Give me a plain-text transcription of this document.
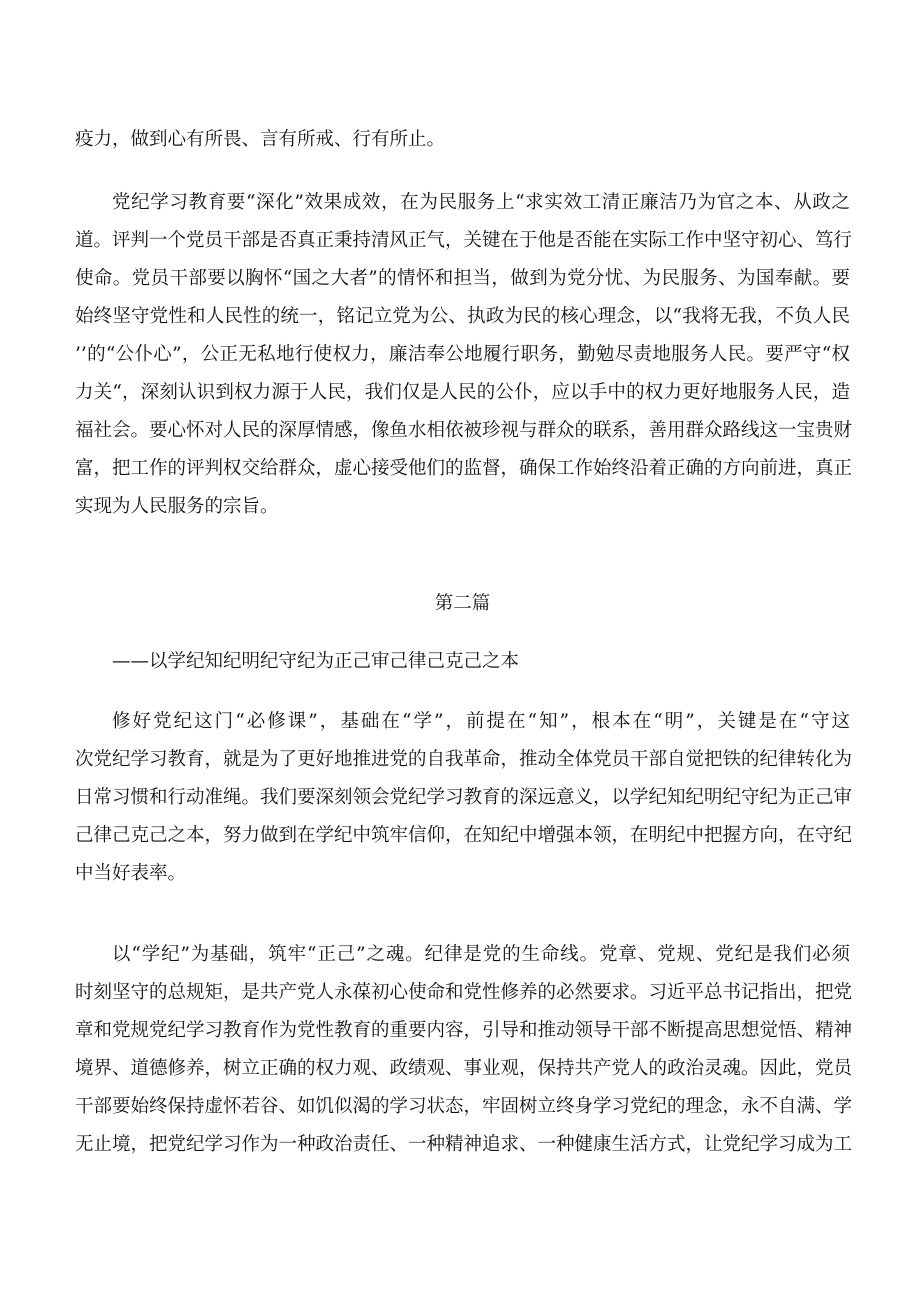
疫力，做到心有所畏、言有所戒、行有所止。
党纪学习教育要“深化”效果成效，在为民服务上“求实效工清正廉洁乃为官之本、从政之
道。评判一个党员干部是否真正秉持清风正气，关键在于他是否能在实际工作中坚守初心、笃行
使命。党员干部要以胸怀“国之大者”的情怀和担当，做到为党分忧、为民服务、为国奉献。要
始终坚守党性和人民性的统一，铭记立党为公、执政为民的核心理念，以“我将无我，不负人民
’’的“公仆心”，公正无私地行使权力，廉洁奉公地履行职务，勤勉尽责地服务人民。要严守“权
力关“，深刻认识到权力源于人民，我们仅是人民的公仆，应以手中的权力更好地服务人民，造
福社会。要心怀对人民的深厚情感，像鱼水相依被珍视与群众的联系，善用群众路线这一宝贵财
富，把工作的评判权交给群众，虚心接受他们的监督，确保工作始终沿着正确的方向前进，真正
实现为人民服务的宗旨。
第二篇
——以学纪知纪明纪守纪为正己审己律己克己之本
修好党纪这门“必修课”，基础在“学”，前提在“知”，根本在“明”，关键是在“守这
次党纪学习教育，就是为了更好地推进党的自我革命，推动全体党员干部自觉把铁的纪律转化为
日常习惯和行动准绳。我们要深刻领会党纪学习教育的深远意义，以学纪知纪明纪守纪为正己审
己律己克己之本，努力做到在学纪中筑牢信仰，在知纪中增强本领，在明纪中把握方向，在守纪
中当好表率。
以“学纪”为基础，筑牢“正己”之魂。纪律是党的生命线。党章、党规、党纪是我们必须
时刻坚守的总规矩，是共产党人永葆初心使命和党性修养的必然要求。习近平总书记指出，把党
章和党规党纪学习教育作为党性教育的重要内容，引导和推动领导干部不断提高思想觉悟、精神
境界、道德修养，树立正确的权力观、政绩观、事业观，保持共产党人的政治灵魂。因此，党员
干部要始终保持虚怀若谷、如饥似渴的学习状态，牢固树立终身学习党纪的理念，永不自满、学
无止境，把党纪学习作为一种政治责任、一种精神追求、一种健康生活方式，让党纪学习成为工
